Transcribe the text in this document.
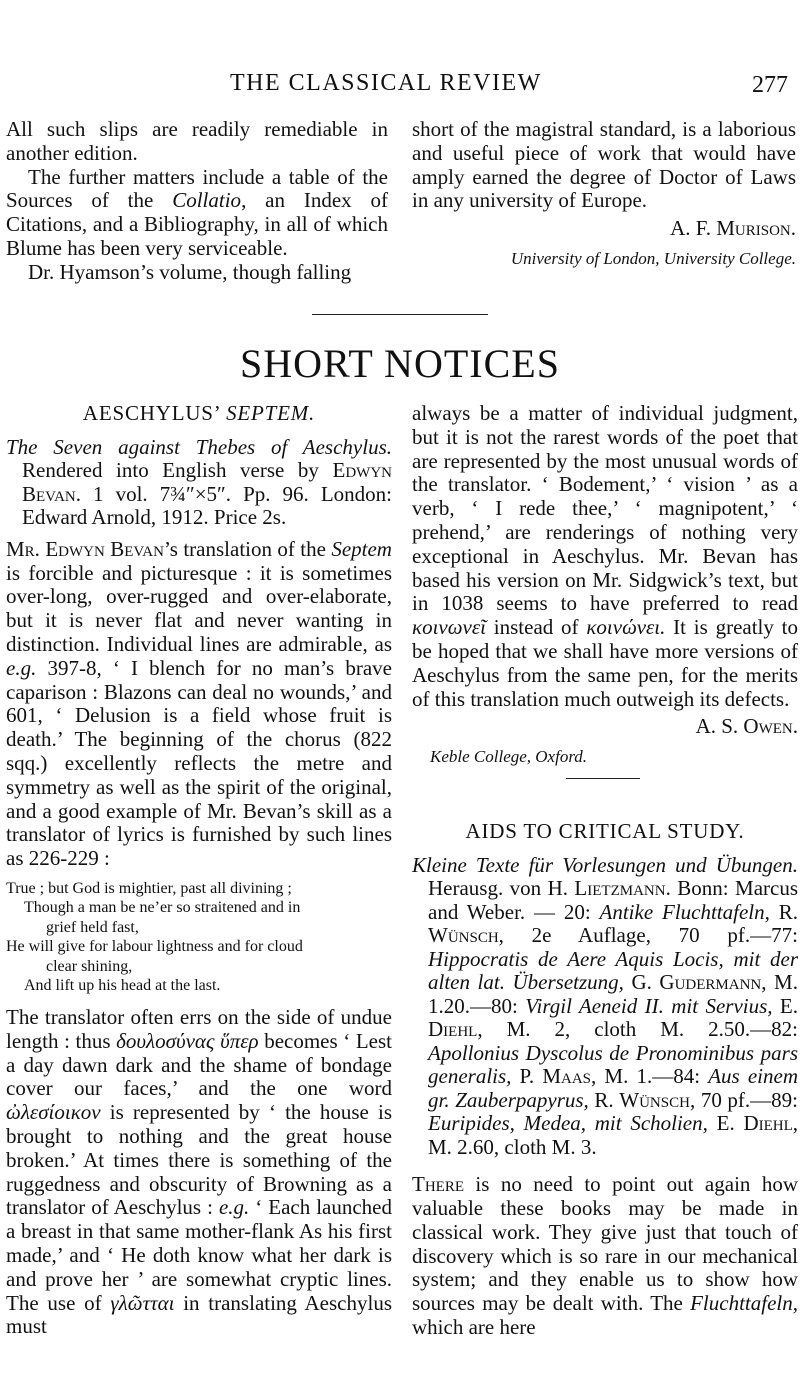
THE CLASSICAL REVIEW	277

All such slips are readily remediable in another edition.

The further matters include a table of the Sources of the Collatio, an Index of Citations, and a Bibliography, in all of which Blume has been very serviceable.

Dr. Hyamson’s volume, though falling

short of the magistral standard, is a laborious and useful piece of work that would have amply earned the degree of Doctor of Laws in any university of Europe.

A. F. Murison.

University of London, University College.

SHORT NOTICES
AESCHYLUS’ SEPTEM.

The Seven against Thebes of Aeschylus. Rendered into English verse by Edwyn Bevan. 1 vol. 7¾″×5″. Pp. 96. London: Edward Arnold, 1912. Price 2s.

Mr. Edwyn Bevan’s translation of the Septem is forcible and picturesque : it is sometimes over-long, over-rugged and over-elaborate, but it is never flat and never wanting in distinction. Individual lines are admirable, as e.g. 397-8, ‘ I blench for no man’s brave caparison : Blazons can deal no wounds,’ and 601, ‘ Delusion is a field whose fruit is death.’ The beginning of the chorus (822 sqq.) excellently reflects the metre and symmetry as well as the spirit of the original, and a good example of Mr. Bevan’s skill as a translator of lyrics is furnished by such lines as 226-229 :

True ; but God is mightier, past all divining ;
Though a man be ne’er so straitened and in
grief held fast,
He will give for labour lightness and for cloud
clear shining,
And lift up his head at the last.

The translator often errs on the side of undue length : thus δουλοσύνας ὕπερ becomes ‘ Lest a day dawn dark and the shame of bondage cover our faces,’ and the one word ὠλεσίοικον is represented by ‘ the house is brought to nothing and the great house broken.’ At times there is something of the ruggedness and obscurity of Browning as a translator of Aeschylus : e.g. ‘ Each launched a breast in that same mother-flank As his first made,’ and ‘ He doth know what her dark is and prove her ’ are somewhat cryptic lines. The use of γλῶτται in translating Aeschylus must

always be a matter of individual judgment, but it is not the rarest words of the poet that are represented by the most unusual words of the translator. ‘ Bodement,’ ‘ vision ’ as a verb, ‘ I rede thee,’ ‘ magnipotent,’ ‘ prehend,’ are renderings of nothing very exceptional in Aeschylus. Mr. Bevan has based his version on Mr. Sidgwick’s text, but in 1038 seems to have preferred to read κοινωνεῖ instead of κοινώνει. It is greatly to be hoped that we shall have more versions of Aeschylus from the same pen, for the merits of this translation much outweigh its defects.

A. S. Owen.

Keble College, Oxford.

AIDS TO CRITICAL STUDY.

Kleine Texte für Vorlesungen und Übungen. Herausg. von H. Lietzmann. Bonn: Marcus and Weber. — 20: Antike Fluchttafeln, R. Wünsch, 2e Auflage, 70 pf.—77: Hippocratis de Aere Aquis Locis, mit der alten lat. Übersetzung, G. Gudermann, M. 1.20.—80: Virgil Aeneid II. mit Servius, E. Diehl, M. 2, cloth M. 2.50.—82: Apollonius Dyscolus de Pronominibus pars generalis, P. Maas, M. 1.—84: Aus einem gr. Zauberpapyrus, R. Wünsch, 70 pf.—89: Euripides, Medea, mit Scholien, E. Diehl, M. 2.60, cloth M. 3.

There is no need to point out again how valuable these books may be made in classical work. They give just that touch of discovery which is so rare in our mechanical system; and they enable us to show how sources may be dealt with. The Fluchttafeln, which are here
